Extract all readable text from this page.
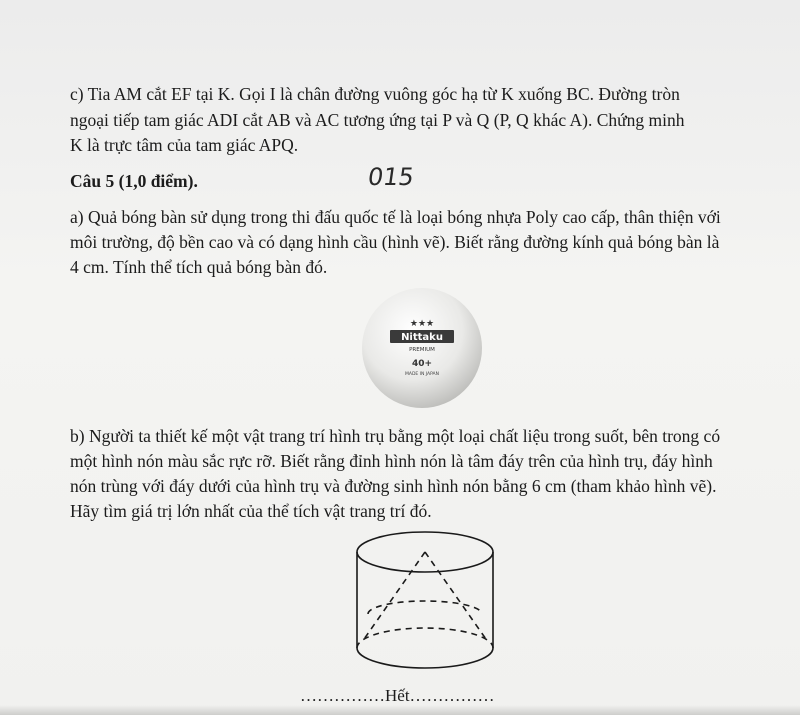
c) Tia AM cắt EF tại K. Gọi I là chân đường vuông góc hạ từ K xuống BC. Đường tròn
ngoại tiếp tam giác ADI cắt AB và AC tương ứng tại P và Q (P, Q khác A). Chứng minh
K là trực tâm của tam giác APQ.
Câu 5 (1,0 điểm).	015
a) Quả bóng bàn sử dụng trong thi đấu quốc tế là loại bóng nhựa Poly cao cấp, thân thiện với
môi trường, độ bền cao và có dạng hình cầu (hình vẽ). Biết rằng đường kính quả bóng bàn là
4 cm. Tính thể tích quả bóng bàn đó.
★★★
Nittaku
PREMIUM
40+
MADE IN JAPAN
b) Người ta thiết kế một vật trang trí hình trụ bằng một loại chất liệu trong suốt, bên trong có
một hình nón màu sắc rực rỡ. Biết rằng đỉnh hình nón là tâm đáy trên của hình trụ, đáy hình
nón trùng với đáy dưới của hình trụ và đường sinh hình nón bằng 6 cm (tham khảo hình vẽ).
Hãy tìm giá trị lớn nhất của thể tích vật trang trí đó.
……………Hết……………
